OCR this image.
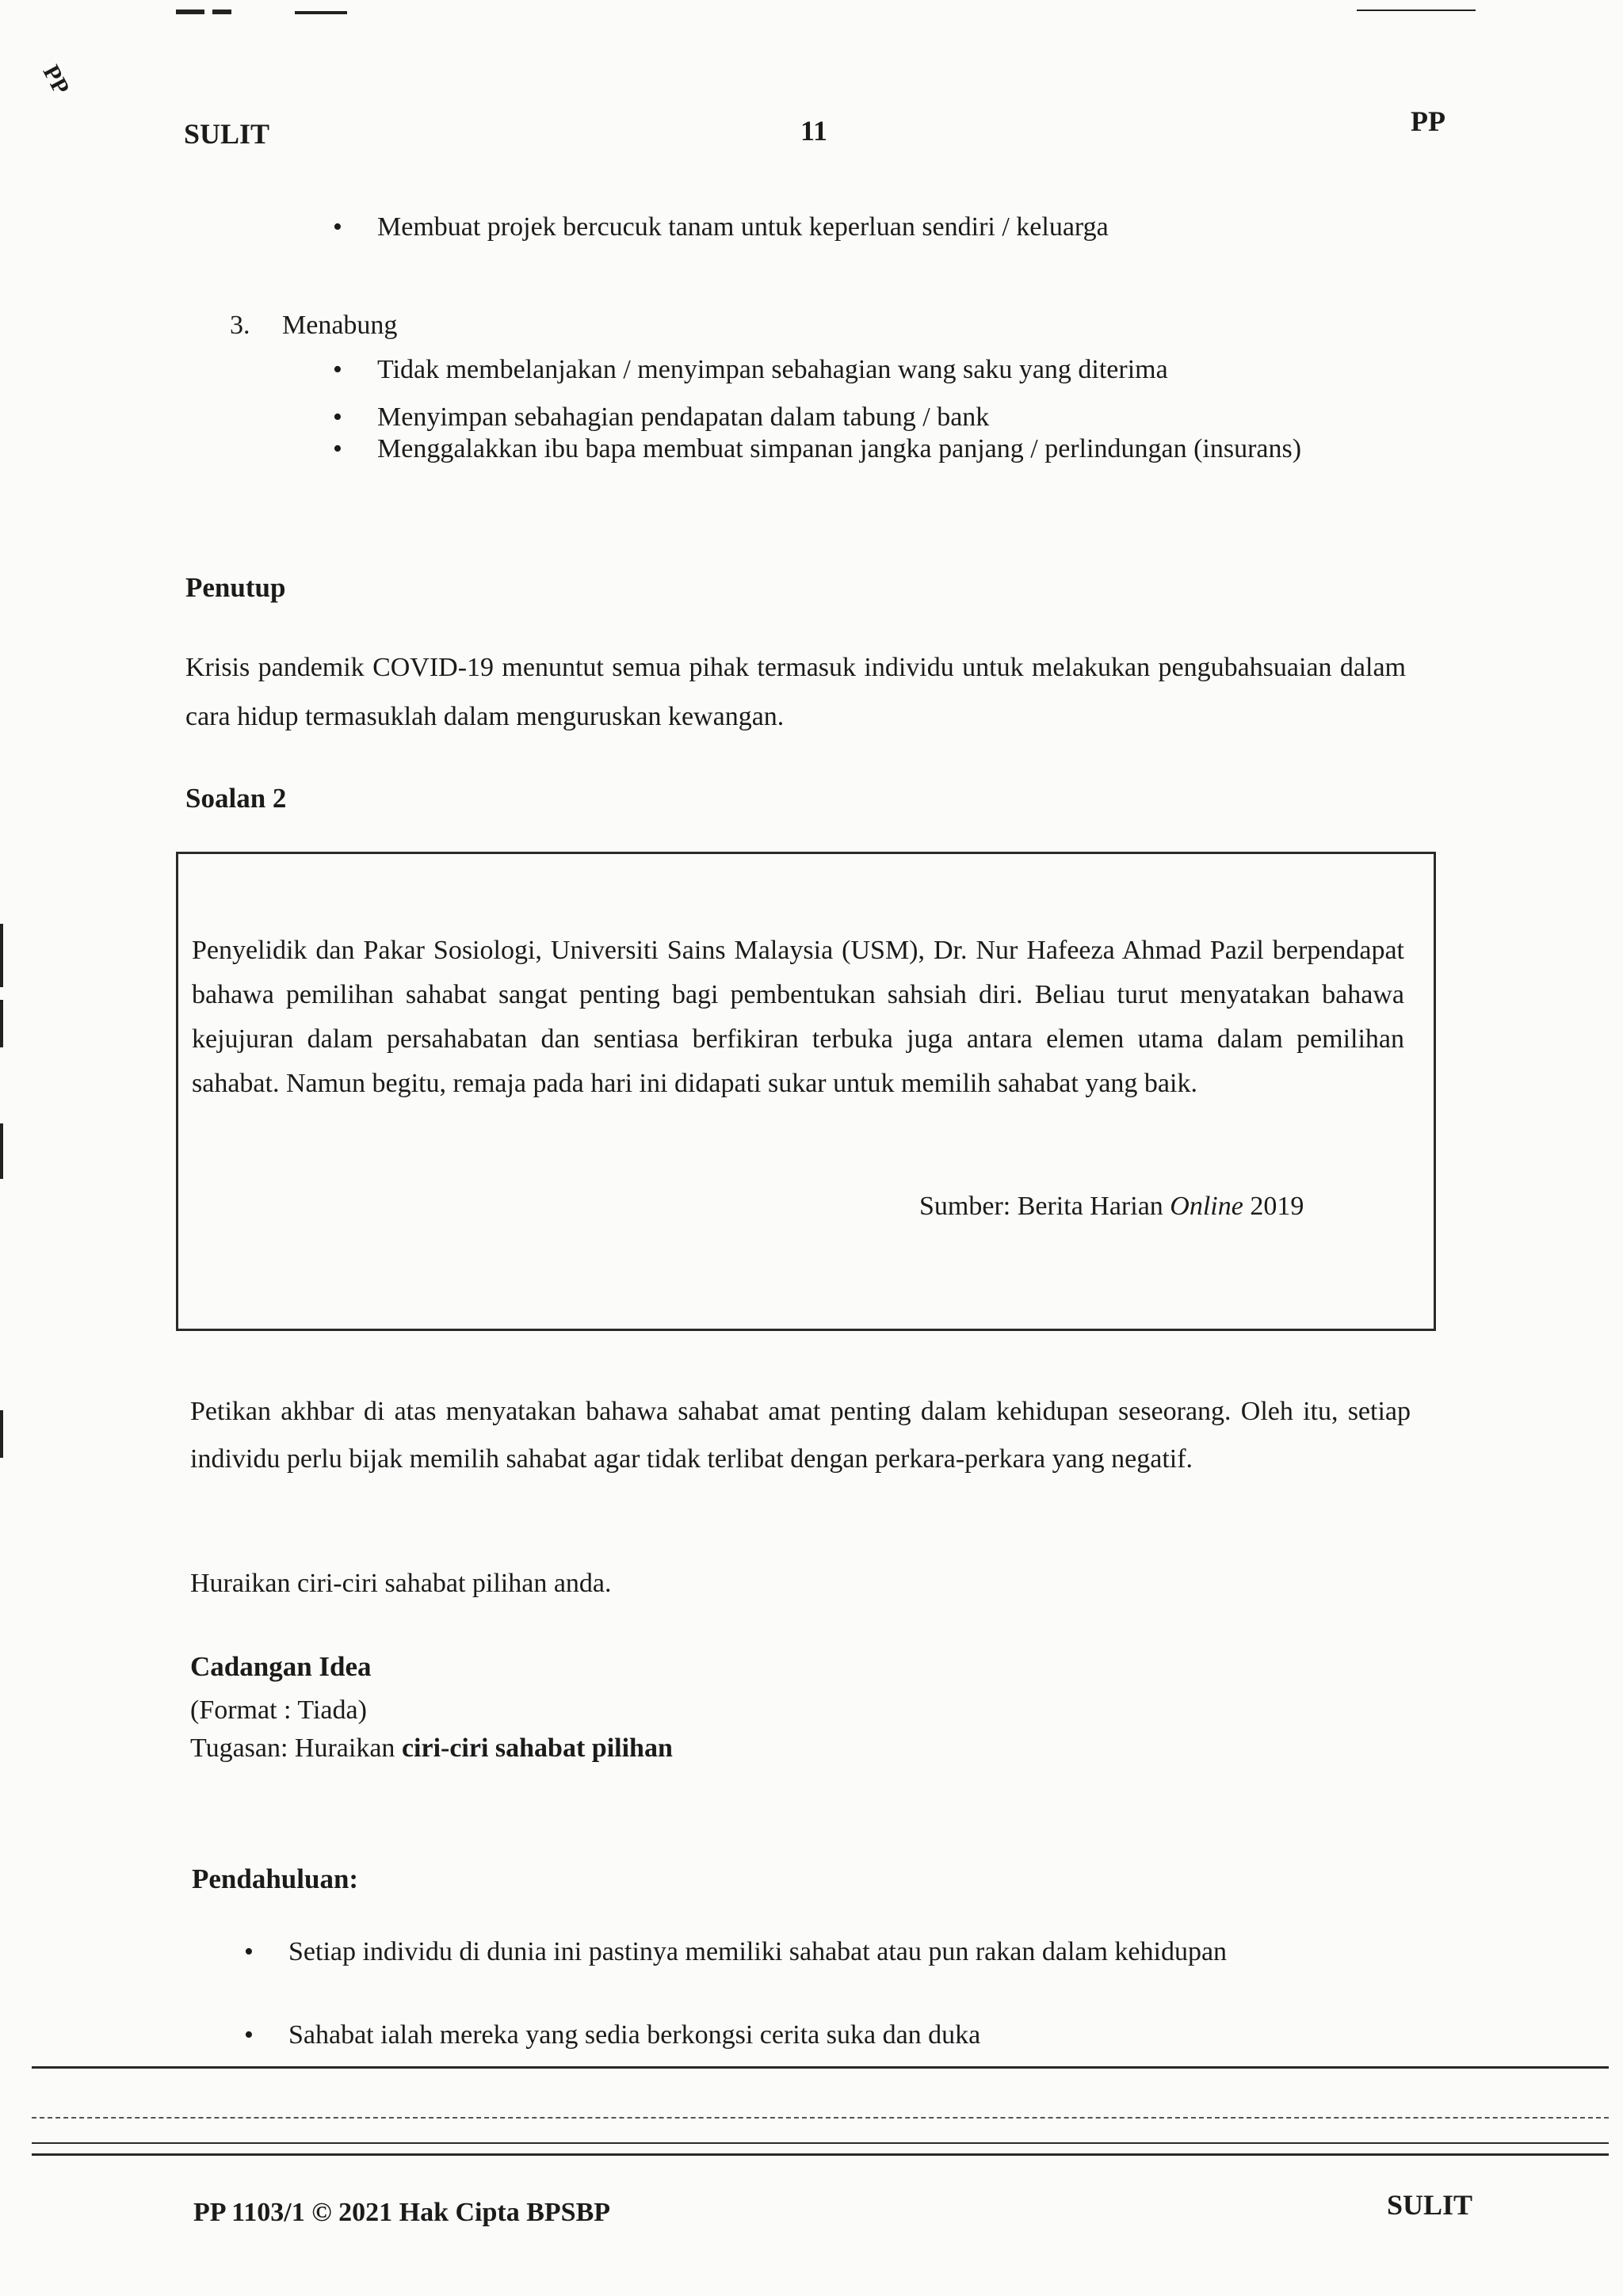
PP
SULIT	11	PP
• Membuat projek bercucuk tanam untuk keperluan sendiri / keluarga
3. Menabung
• Tidak membelanjakan / menyimpan sebahagian wang saku yang diterima
• Menyimpan sebahagian pendapatan dalam tabung / bank
• Menggalakkan ibu bapa membuat simpanan jangka panjang / perlindungan (insurans)
Penutup
Krisis pandemik COVID-19 menuntut semua pihak termasuk individu untuk melakukan pengubahsuaian dalam cara hidup termasuklah dalam menguruskan kewangan.
Soalan 2
Penyelidik dan Pakar Sosiologi, Universiti Sains Malaysia (USM), Dr. Nur Hafeeza Ahmad Pazil berpendapat bahawa pemilihan sahabat sangat penting bagi pembentukan sahsiah diri. Beliau turut menyatakan bahawa kejujuran dalam persahabatan dan sentiasa berfikiran terbuka juga antara elemen utama dalam pemilihan sahabat. Namun begitu, remaja pada hari ini didapati sukar untuk memilih sahabat yang baik.
Sumber: Berita Harian Online 2019
Petikan akhbar di atas menyatakan bahawa sahabat amat penting dalam kehidupan seseorang. Oleh itu, setiap individu perlu bijak memilih sahabat agar tidak terlibat dengan perkara-perkara yang negatif.
Huraikan ciri-ciri sahabat pilihan anda.
Cadangan Idea
(Format : Tiada)
Tugasan: Huraikan ciri-ciri sahabat pilihan
Pendahuluan:
• Setiap individu di dunia ini pastinya memiliki sahabat atau pun rakan dalam kehidupan
• Sahabat ialah mereka yang sedia berkongsi cerita suka dan duka
PP 1103/1 © 2021 Hak Cipta BPSBP	SULIT
